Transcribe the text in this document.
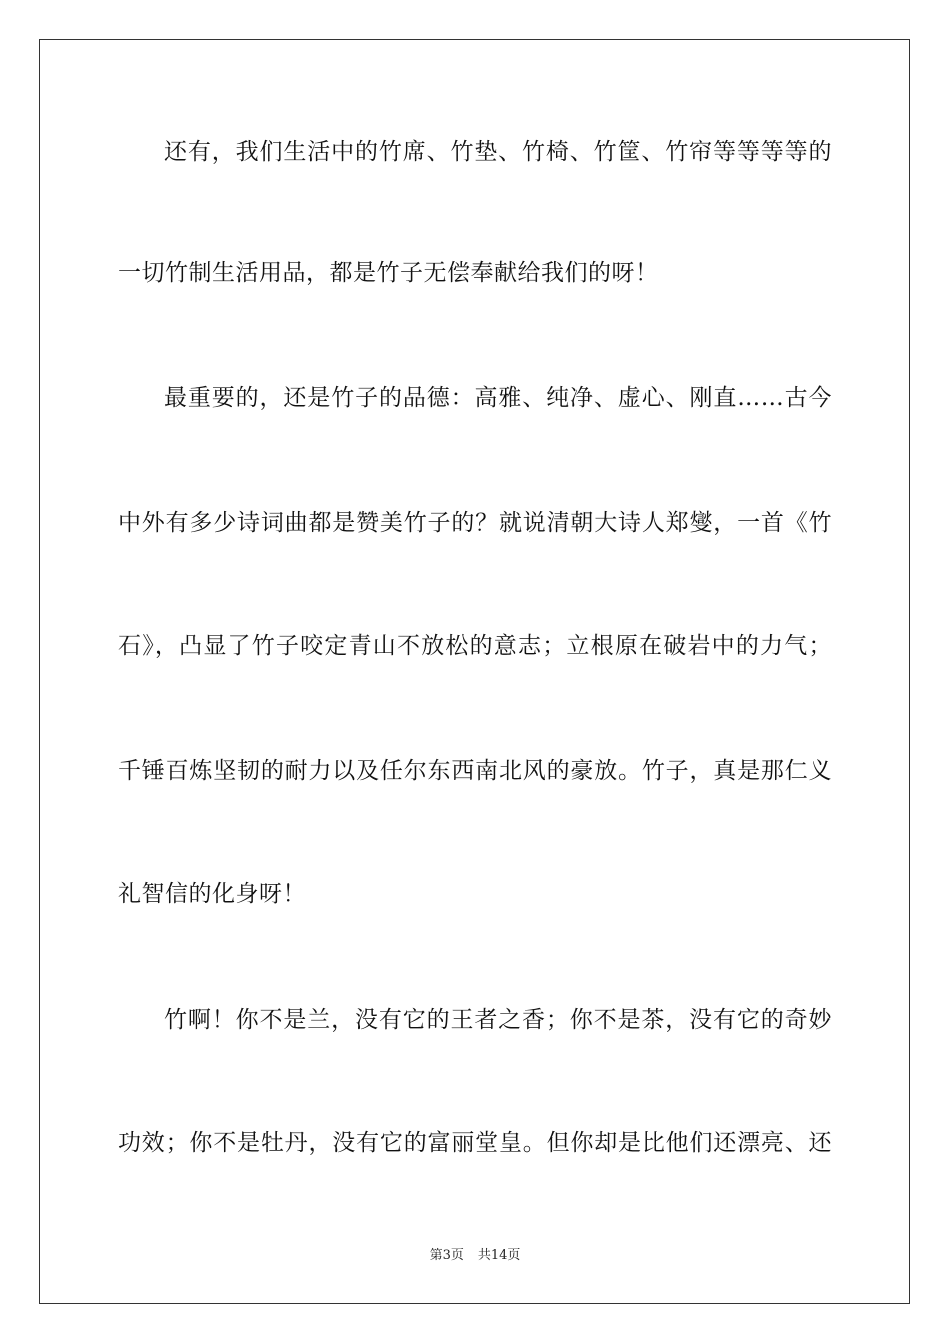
还有，我们生活中的竹席、竹垫、竹椅、竹筐、竹帘等等等等的
一切竹制生活用品，都是竹子无偿奉献给我们的呀！
最重要的，还是竹子的品德：高雅、纯净、虚心、刚直……古今
中外有多少诗词曲都是赞美竹子的？就说清朝大诗人郑燮，一首《竹
石》，凸显了竹子咬定青山不放松的意志；立根原在破岩中的力气；
千锤百炼坚韧的耐力以及任尔东西南北风的豪放。竹子，真是那仁义
礼智信的化身呀！
竹啊！你不是兰，没有它的王者之香；你不是茶，没有它的奇妙
功效；你不是牡丹，没有它的富丽堂皇。但你却是比他们还漂亮、还
第3页 共14页
